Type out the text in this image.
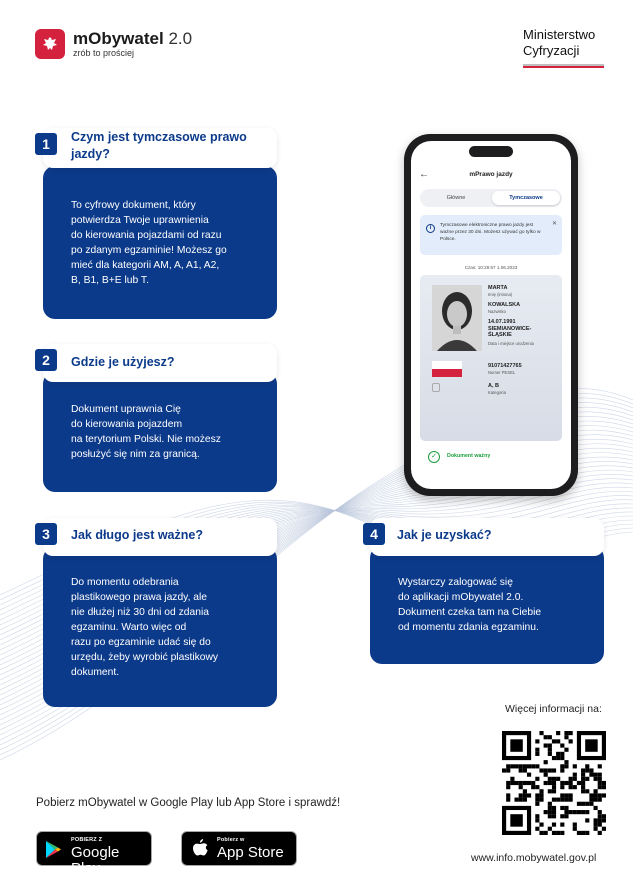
mObywatel 2.0
zrób to prościej
Ministerstwo
Cyfryzacji
←	mPrawo jazdy
Główne	Tymczasowe
i	Tymczasowe elektroniczne prawo jazdy jest ważne przez 30 dni. Możesz używać go tylko w Polsce.
✕
Czas: 10:29:57 1.06.2023
MARTA
Imię (imiona)
KOWALSKA
Nazwisko
14.07.1991 SIEMIANOWICE-ŚLĄSKIE
Data i miejsce urodzenia
91071427765
Numer PESEL
A, B
Kategoria
✓	Dokument ważny
To cyfrowy dokument, który
potwierdza Twoje uprawnienia
do kierowania pojazdami od razu
po zdanym egzaminie! Możesz go
mieć dla kategorii AM, A, A1, A2,
B, B1, B+E lub T.
1	Czym jest tymczasowe prawo
jazdy?
Dokument uprawnia Cię
do kierowania pojazdem
na terytorium Polski. Nie możesz
posłużyć się nim za granicą.
2	Gdzie je użyjesz?
Do momentu odebrania
plastikowego prawa jazdy, ale
nie dłużej niż 30 dni od zdania
egzaminu. Warto więc od
razu po egzaminie udać się do
urzędu, żeby wyrobić plastikowy
dokument.
3	Jak długo jest ważne?
Wystarczy zalogować się
do aplikacji mObywatel 2.0.
Dokument czeka tam na Ciebie
od momentu zdania egzaminu.
4	Jak je uzyskać?
Więcej informacji na:
www.info.mobywatel.gov.pl
Pobierz mObywatel w Google Play lub App Store i sprawdź!
POBIERZ Z
Google Play
Pobierz w
App Store
